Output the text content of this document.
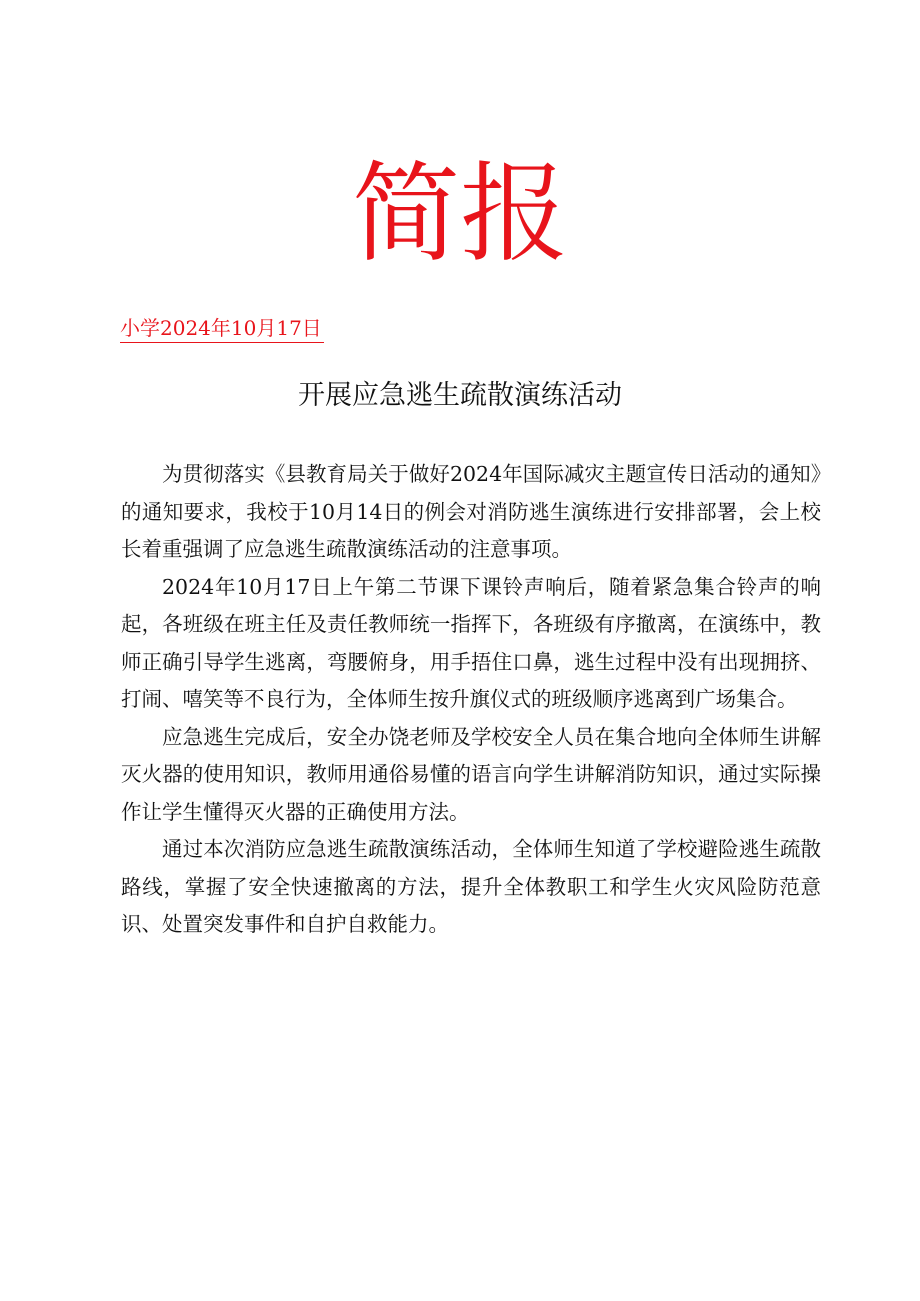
简报
小学2024年10月17日
开展应急逃生疏散演练活动

为贯彻落实《县教育局关于做好2024年国际减灾主题宣传日活动的通知》的通知要求，我校于10月14日的例会对消防逃生演练进行安排部署，会上校长着重强调了应急逃生疏散演练活动的注意事项。

2024年10月17日上午第二节课下课铃声响后，随着紧急集合铃声的响起，各班级在班主任及责任教师统一指挥下，各班级有序撤离，在演练中，教师正确引导学生逃离，弯腰俯身，用手捂住口鼻，逃生过程中没有出现拥挤、打闹、嘻笑等不良行为，全体师生按升旗仪式的班级顺序逃离到广场集合。

应急逃生完成后，安全办饶老师及学校安全人员在集合地向全体师生讲解灭火器的使用知识，教师用通俗易懂的语言向学生讲解消防知识，通过实际操作让学生懂得灭火器的正确使用方法。

通过本次消防应急逃生疏散演练活动，全体师生知道了学校避险逃生疏散路线，掌握了安全快速撤离的方法，提升全体教职工和学生火灾风险防范意识、处置突发事件和自护自救能力。
